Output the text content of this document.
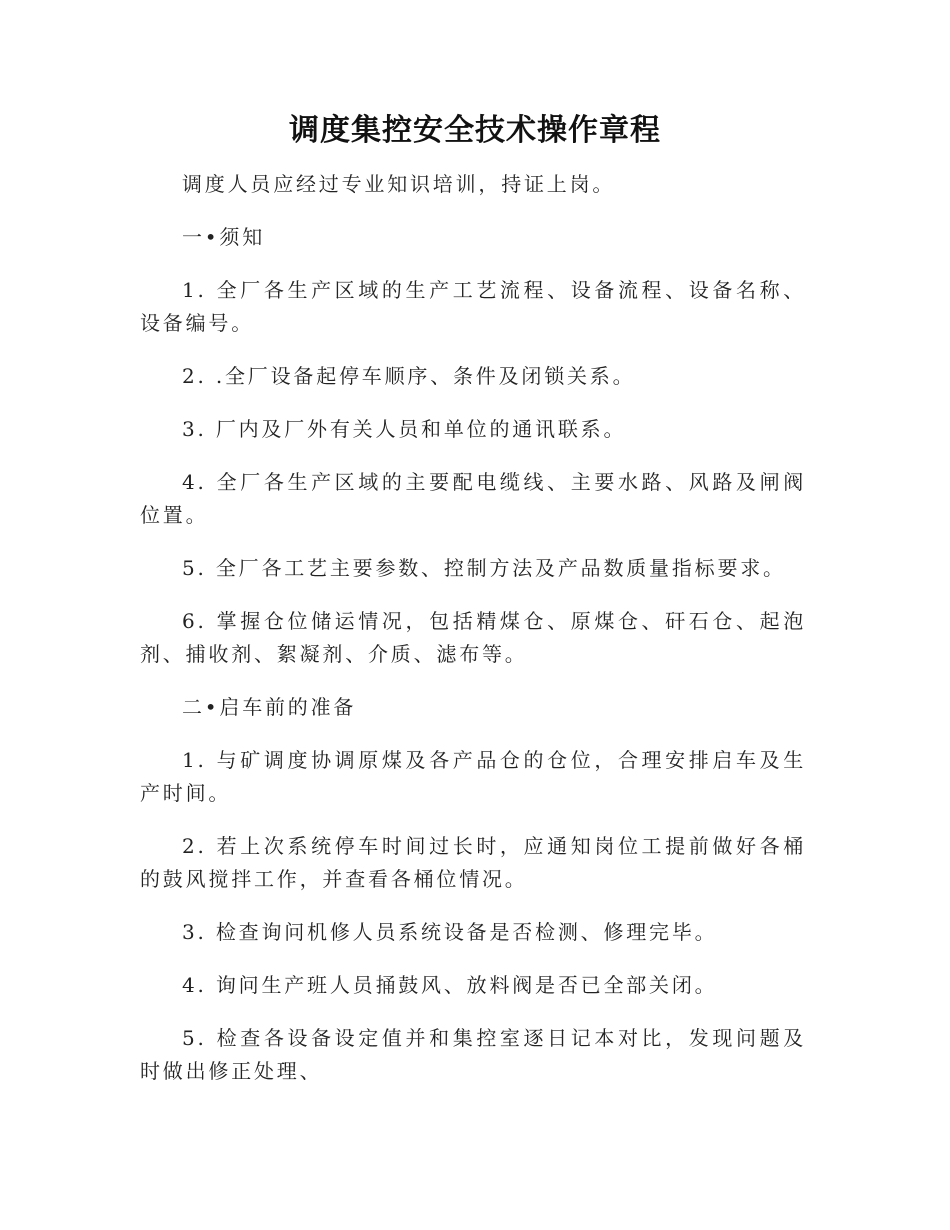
调度集控安全技术操作章程

调度人员应经过专业知识培训，持证上岗。

一•须知

1. 全厂各生产区域的生产工艺流程、设备流程、设备名称、设备编号。

2. .全厂设备起停车顺序、条件及闭锁关系。

3. 厂内及厂外有关人员和单位的通讯联系。

4. 全厂各生产区域的主要配电缆线、主要水路、风路及闸阀位置。

5. 全厂各工艺主要参数、控制方法及产品数质量指标要求。

6. 掌握仓位储运情况，包括精煤仓、原煤仓、矸石仓、起泡剂、捕收剂、絮凝剂、介质、滤布等。

二•启车前的准备

1. 与矿调度协调原煤及各产品仓的仓位，合理安排启车及生产时间。

2. 若上次系统停车时间过长时，应通知岗位工提前做好各桶的鼓风搅拌工作，并查看各桶位情况。

3. 检查询问机修人员系统设备是否检测、修理完毕。

4. 询问生产班人员捅鼓风、放料阀是否已全部关闭。

5. 检查各设备设定值并和集控室逐日记本对比，发现问题及时做出修正处理、
